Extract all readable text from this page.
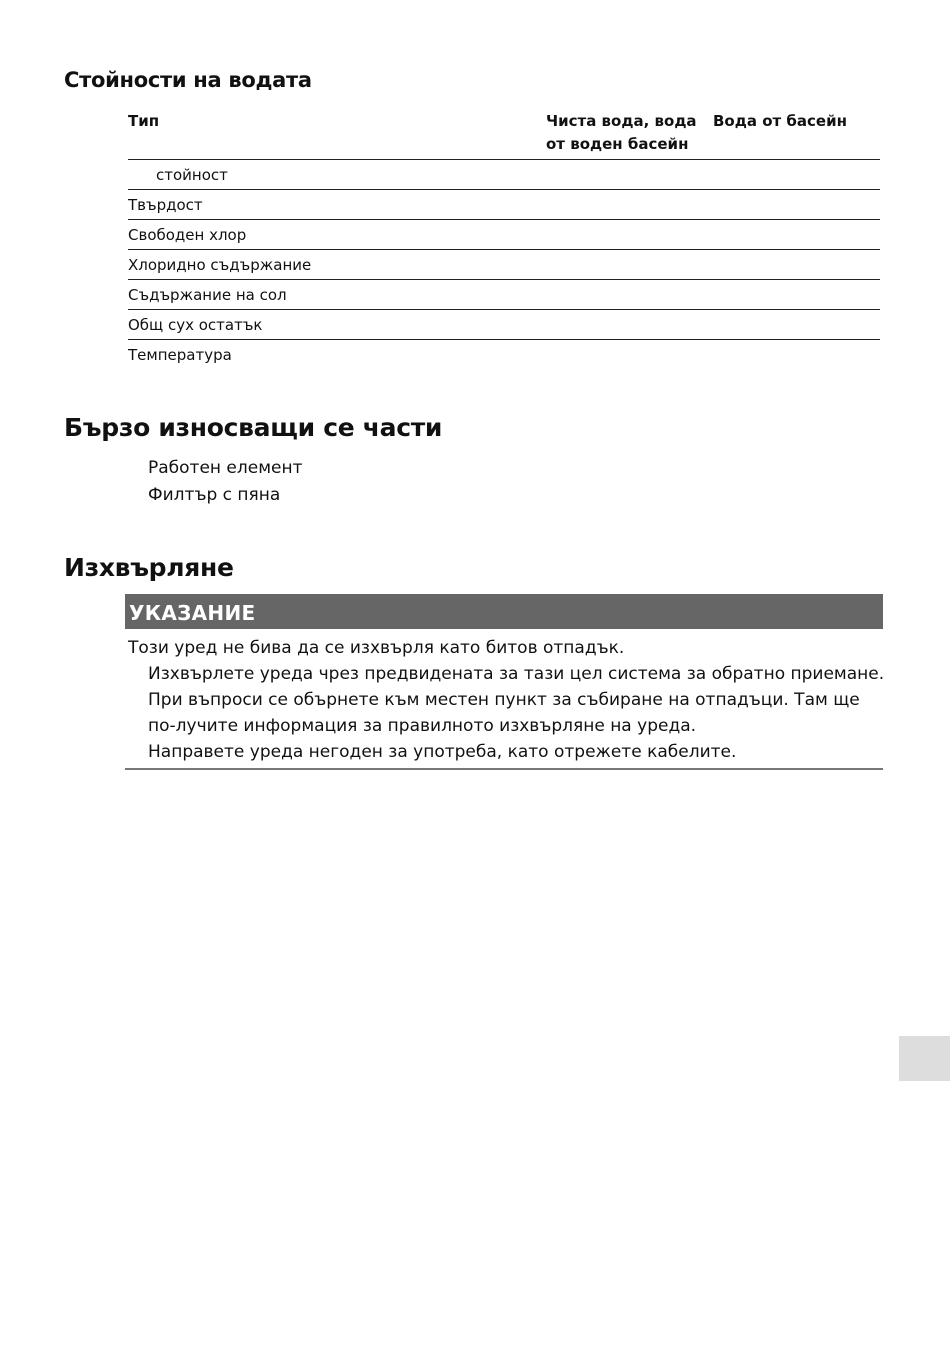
Стойности на водата
Тип	Чиста вода, вода
от воден басейн
Вода от басейн
стойност
Твърдост
Свободен хлор
Хлоридно съдържание
Съдържание на сол
Общ сух остатък
Температура
Бързо износващи се части
Работен елемент
Филтър с пяна
Изхвърляне
УКАЗАНИЕ
Този уред не бива да се изхвърля като битов отпадък.
Изхвърлете уреда чрез предвидената за тази цел система за обратно приемане.
При въпроси се обърнете към местен пункт за събиране на отпадъци. Там ще по-лучите информация за правилното изхвърляне на уреда.
Направете уреда негоден за употреба, като отрежете кабелите.
